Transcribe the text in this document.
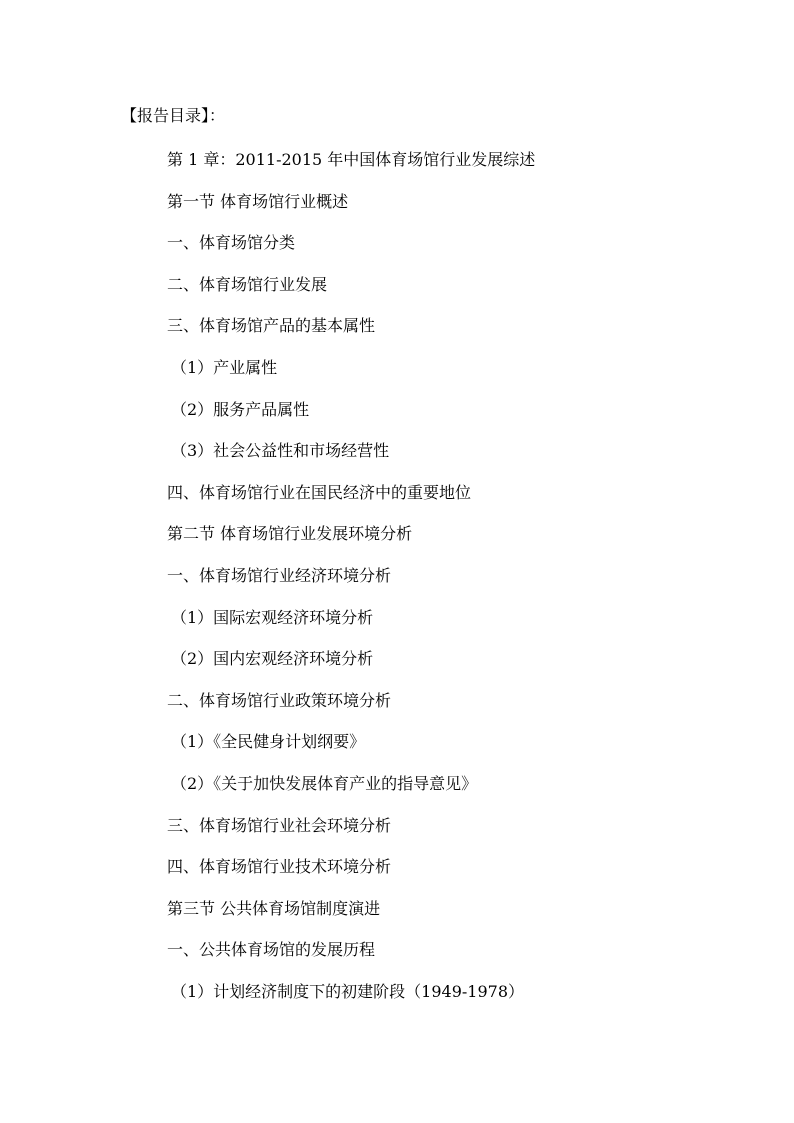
【报告目录】：
第 1 章：2011-2015 年中国体育场馆行业发展综述
第一节 体育场馆行业概述
一、体育场馆分类
二、体育场馆行业发展
三、体育场馆产品的基本属性
（1）产业属性
（2）服务产品属性
（3）社会公益性和市场经营性
四、体育场馆行业在国民经济中的重要地位
第二节 体育场馆行业发展环境分析
一、体育场馆行业经济环境分析
（1）国际宏观经济环境分析
（2）国内宏观经济环境分析
二、体育场馆行业政策环境分析
（1）《全民健身计划纲要》
（2）《关于加快发展体育产业的指导意见》
三、体育场馆行业社会环境分析
四、体育场馆行业技术环境分析
第三节 公共体育场馆制度演进
一、公共体育场馆的发展历程
（1）计划经济制度下的初建阶段（1949-1978）
